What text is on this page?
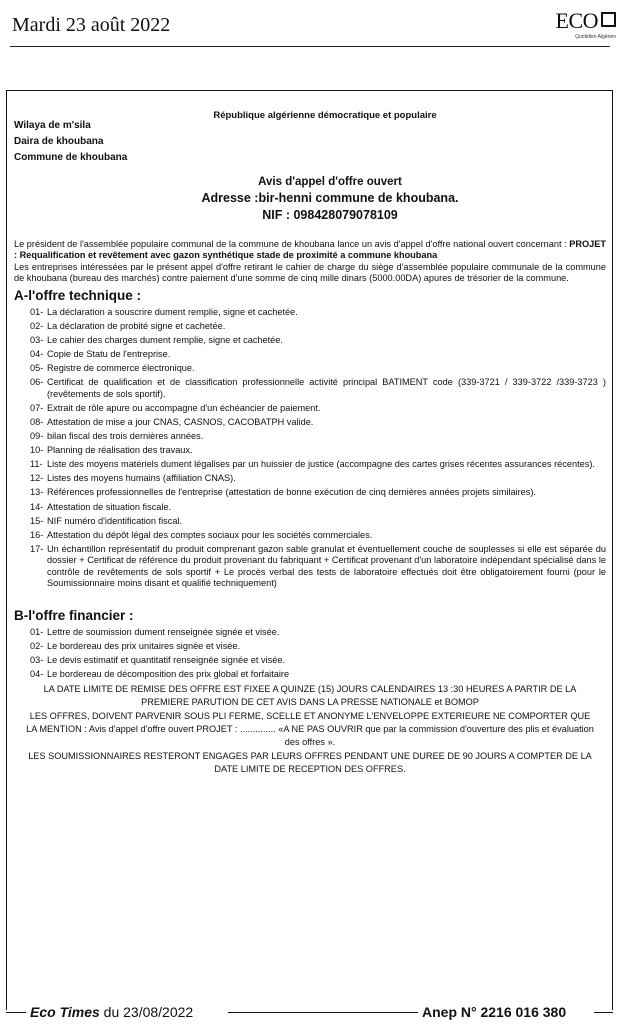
Mardi 23 août 2022	ECO
Quotidien Algérien
République algérienne démocratique et populaire
Wilaya de m'sila
Daira de khoubana
Commune de khoubana
Avis d'appel d'offre ouvert
Adresse :bir-henni commune de khoubana.
NIF : 098428079078109
Le président de l'assemblée populaire communal de la commune de khoubana lance un avis d'appel d'offre national ouvert concernant : PROJET : Requalification et revêtement avec gazon synthétique stade de proximité a commune khoubana
Les entreprises intéressées par le présent appel d'offre retirant le cahier de charge du siège d'assemblée populaire communale de la commune de khoubana (bureau des marchés) contre paiement d'une somme de cinq mille dinars (5000.00DA) apures de trésorier de la commune.
A-l'offre technique :
01- La déclaration a souscrire dument remplie, signe et cachetée.
02- La déclaration de probité signe et cachetée.
03- Le cahier des charges dument remplie, signe et cachetée.
04- Copie de Statu de l'entreprise.
05- Registre de commerce électronique.
06- Certificat de qualification et de classification professionnelle activité principal BATIMENT code (339-3721 / 339-3722 /339-3723 )(revêtements de sols sportif).
07- Extrait de rôle apure ou accompagne d'un échéancier de paiement.
08- Attestation de mise a jour CNAS, CASNOS, CACOBATPH valide.
09- bilan fiscal des trois dernières années.
10- Planning de réalisation des travaux.
11- Liste des moyens matériels dument légalises par un huissier de justice (accompagne des cartes grises récentes assurances récentes).
12- Listes des moyens humains (affiliation CNAS).
13- Références professionnelles de l'entreprise (attestation de bonne exécution de cinq dernières années projets similaires).
14- Attestation de situation fiscale.
15- NIF numéro d'identification fiscal.
16- Attestation du dépôt légal des comptes sociaux pour les sociétés commerciales.
17- Un échantillon représentatif du produit comprenant gazon sable granulat et éventuellement couche de souplesses si elle est séparée du dossier + Certificat de référence du produit provenant du fabriquant + Certificat provenant d'un laboratoire indépendant spécialisé dans le contrôle de revêtements de sols sportif + Le procès verbal des tests de laboratoire effectués doit être obligatoirement fourni (pour le Soumissionnaire moins disant et qualifié techniquement)
B-l'offre financier :
01- Lettre de soumission dument renseignée signée et visée.
02- Le bordereau des prix unitaires signée et visée.
03- Le devis estimatif et quantitatif renseignée signée et visée.
04- Le bordereau de décomposition des prix global et forfaitaire
LA DATE LIMITE DE REMISE DES OFFRE EST FIXEE A QUINZE (15) JOURS CALENDAIRES 13 :30 HEURES A PARTIR DE LA PREMIERE PARUTION DE CET AVIS DANS LA PRESSE NATIONALE et BOMOP
LES OFFRES, DOIVENT PARVENIR SOUS PLI FERME, SCELLE ET ANONYME L'ENVELOPPE EXTERIEURE NE COMPORTER QUE LA MENTION : Avis d'appel d'offre ouvert PROJET : .............. «A NE PAS OUVRIR que par la commission d'ouverture des plis et évaluation des offres ».
LES SOUMISSIONNAIRES RESTERONT ENGAGES PAR LEURS OFFRES PENDANT UNE DUREE DE 90 JOURS A COMPTER DE LA DATE LIMITE DE RECEPTION DES OFFRES.
Eco Times du 23/08/2022	Anep N° 2216 016 380
